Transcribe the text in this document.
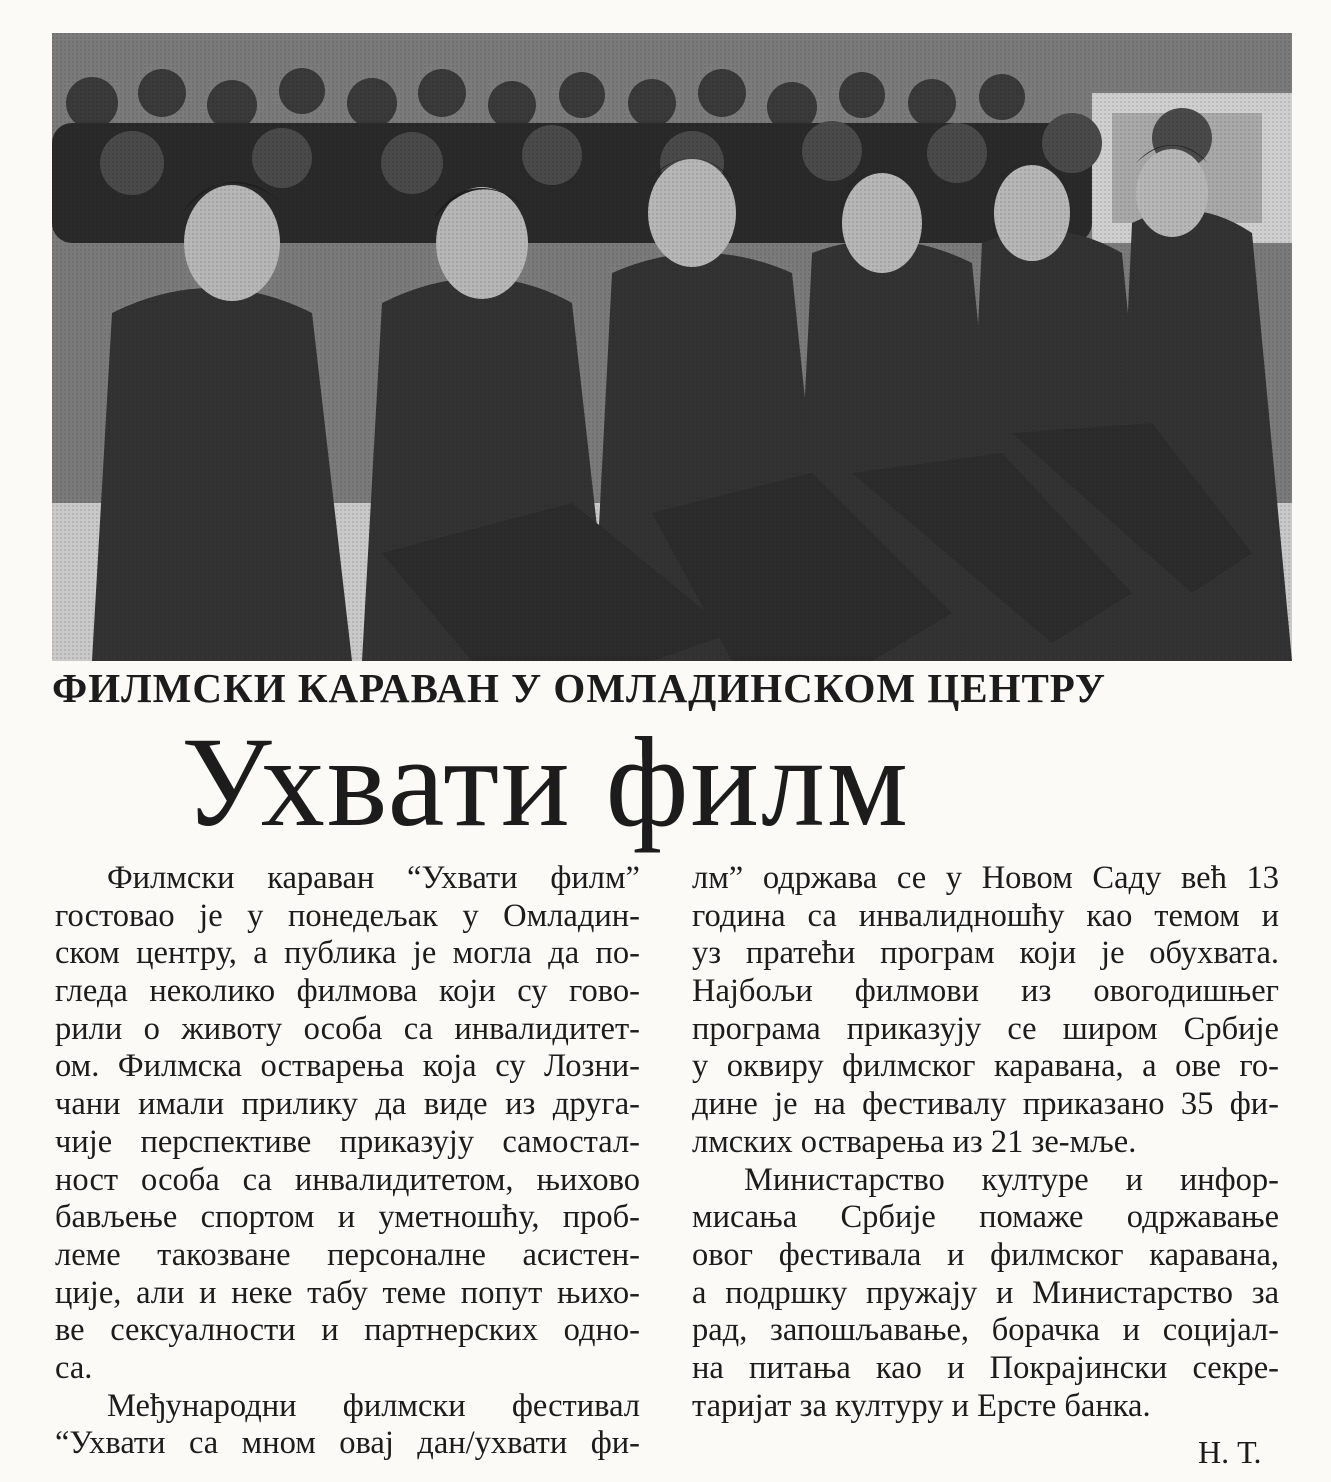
ФИЛМСКИ КАРАВАН У ОМЛАДИНСКОМ ЦЕНТРУ
Ухвати филм
Филмски караван “Ухвати филм”
гостовао је у понедељак у Омладин-
ском центру, а публика је могла да по-
гледа неколико филмова који су гово-
рили о животу особа са инвалидитет-
ом. Филмска остварења која су Лозни-
чани имали прилику да виде из друга-
чије перспективе приказују самостал-
ност особа са инвалидитетом, њихово
бављење спортом и уметношћу, проб-
леме такозване персоналне асистен-
ције, али и неке табу теме попут њихо-
ве сексуалности и партнерских одно-
са.
Међународни филмски фестивал
“Ухвати са мном овај дан/ухвати фи-
лм” одржава се у Новом Саду већ 13
година са инвалидношћу као темом и
уз пратећи програм који је обухвата.
Најбољи филмови из овогодишњег
програма приказују се широм Србије
у оквиру филмског каравана, а ове го-
дине је на фестивалу приказано 35 фи-
лмских остварења из 21 зе-мље.
Министарство културе и инфор-
мисања Србије помаже одржавање
овог фестивала и филмског каравана,
а подршку пружају и Министарство за
рад, запошљавање, борачка и социјал-
на питања као и Покрајински секре-
таријат за културу и Ерсте банка.
Н. Т.
